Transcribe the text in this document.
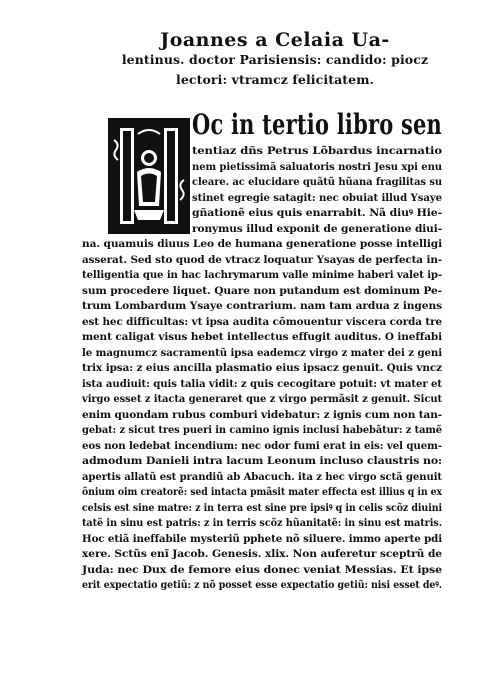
Joannes a Celaia Ua-
lentinus. doctor Parisiensis: candido: piocz
lectori: vtramcz felicitatem.
Oc in tertio libro sen
tentiaz dñs Petrus Lõbardus incarnatio
nem pietissimã saluatoris nostri Jesu xpi enu
cleare. ac elucidare quãtũ hũana fragilitas su
stinet egregie satagit: nec obuiat illud Ysaye
gñationẽ eius quis enarrabit. Nã diuꝰ Hie-
ronymus illud exponit de generatione diui-
na. quamuis diuus Leo de humana generatione posse intelligi
asserat. Sed sto quod de vtracz loquatur Ysayas de perfecta in-
telligentia que in hac lachrymarum valle minime haberi valet ip-
sum procedere liquet. Quare non putandum est dominum Pe-
trum Lombardum Ysaye contrarium. nam tam ardua z ingens
est hec difficultas: vt ipsa audita cõmouentur viscera corda tre
ment caligat visus hebet intellectus effugit auditus. O ineffabi
le magnumcz sacramentũ ipsa eademcz virgo z mater dei z geni
trix ipsa: z eius ancilla plasmatio eius ipsacz genuit. Quis vncz
ista audiuit: quis talia vidit: z quis cecogitare potuit: vt mater et
virgo esset z itacta generaret que z virgo permãsit z genuit. Sicut
enim quondam rubus comburi videbatur: z ignis cum non tan-
gebat: z sicut tres pueri in camino ignis inclusi habebãtur: z tamẽ
eos non ledebat incendium: nec odor fumi erat in eis: vel quem-
admodum Danieli intra lacum Leonum incluso claustris no:
apertis allatũ est prandiũ ab Abacuch. ita z hec virgo sctã genuit
õnium oim creatorẽ: sed intacta pmãsit mater effecta est illius q in ex
celsis est sine matre: z in terra est sine pre ipsiꝰ q in celis scõz diuini
tatẽ in sinu est patris: z in terris scõz hũanitatẽ: in sinu est matris.
Hoc etiã ineffabile mysteriũ pphete nõ siluere. immo aperte pdi
xere. Sctũs enĩ Jacob. Genesis. xlix. Non auferetur sceptrũ de
Juda: nec Dux de femore eius donec veniat Messias. Et ipse
erit expectatio getiũ: z nõ posset esse expectatio getiũ: nisi esset deꝰ.
